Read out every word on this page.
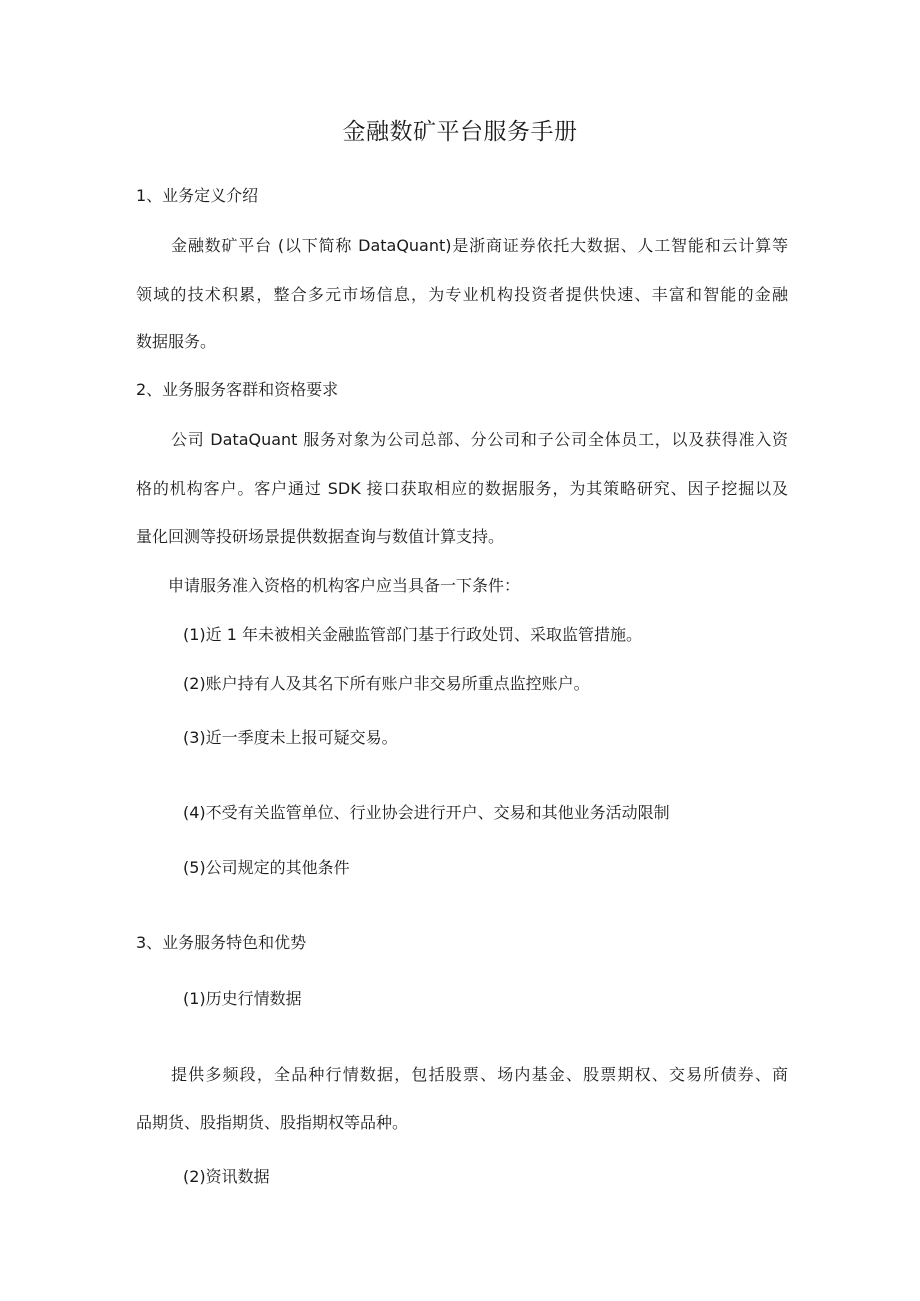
金融数矿平台服务手册

1、业务定义介绍

金融数矿平台 (以下简称 DataQuant)是浙商证券依托大数据、人工智能和云计算等

领域的技术积累，整合多元市场信息，为专业机构投资者提供快速、丰富和智能的金融

数据服务。

2、业务服务客群和资格要求

公司 DataQuant 服务对象为公司总部、分公司和子公司全体员工，以及获得准入资

格的机构客户。客户通过 SDK 接口获取相应的数据服务，为其策略研究、因子挖掘以及

量化回测等投研场景提供数据查询与数值计算支持。

申请服务准入资格的机构客户应当具备一下条件：

(1)近 1 年未被相关金融监管部门基于行政处罚、采取监管措施。

(2)账户持有人及其名下所有账户非交易所重点监控账户。

(3)近一季度未上报可疑交易。

(4)不受有关监管单位、行业协会进行开户、交易和其他业务活动限制

(5)公司规定的其他条件

3、业务服务特色和优势

(1)历史行情数据

提供多频段，全品种行情数据，包括股票、场内基金、股票期权、交易所债券、商

品期货、股指期货、股指期权等品种。

(2)资讯数据
